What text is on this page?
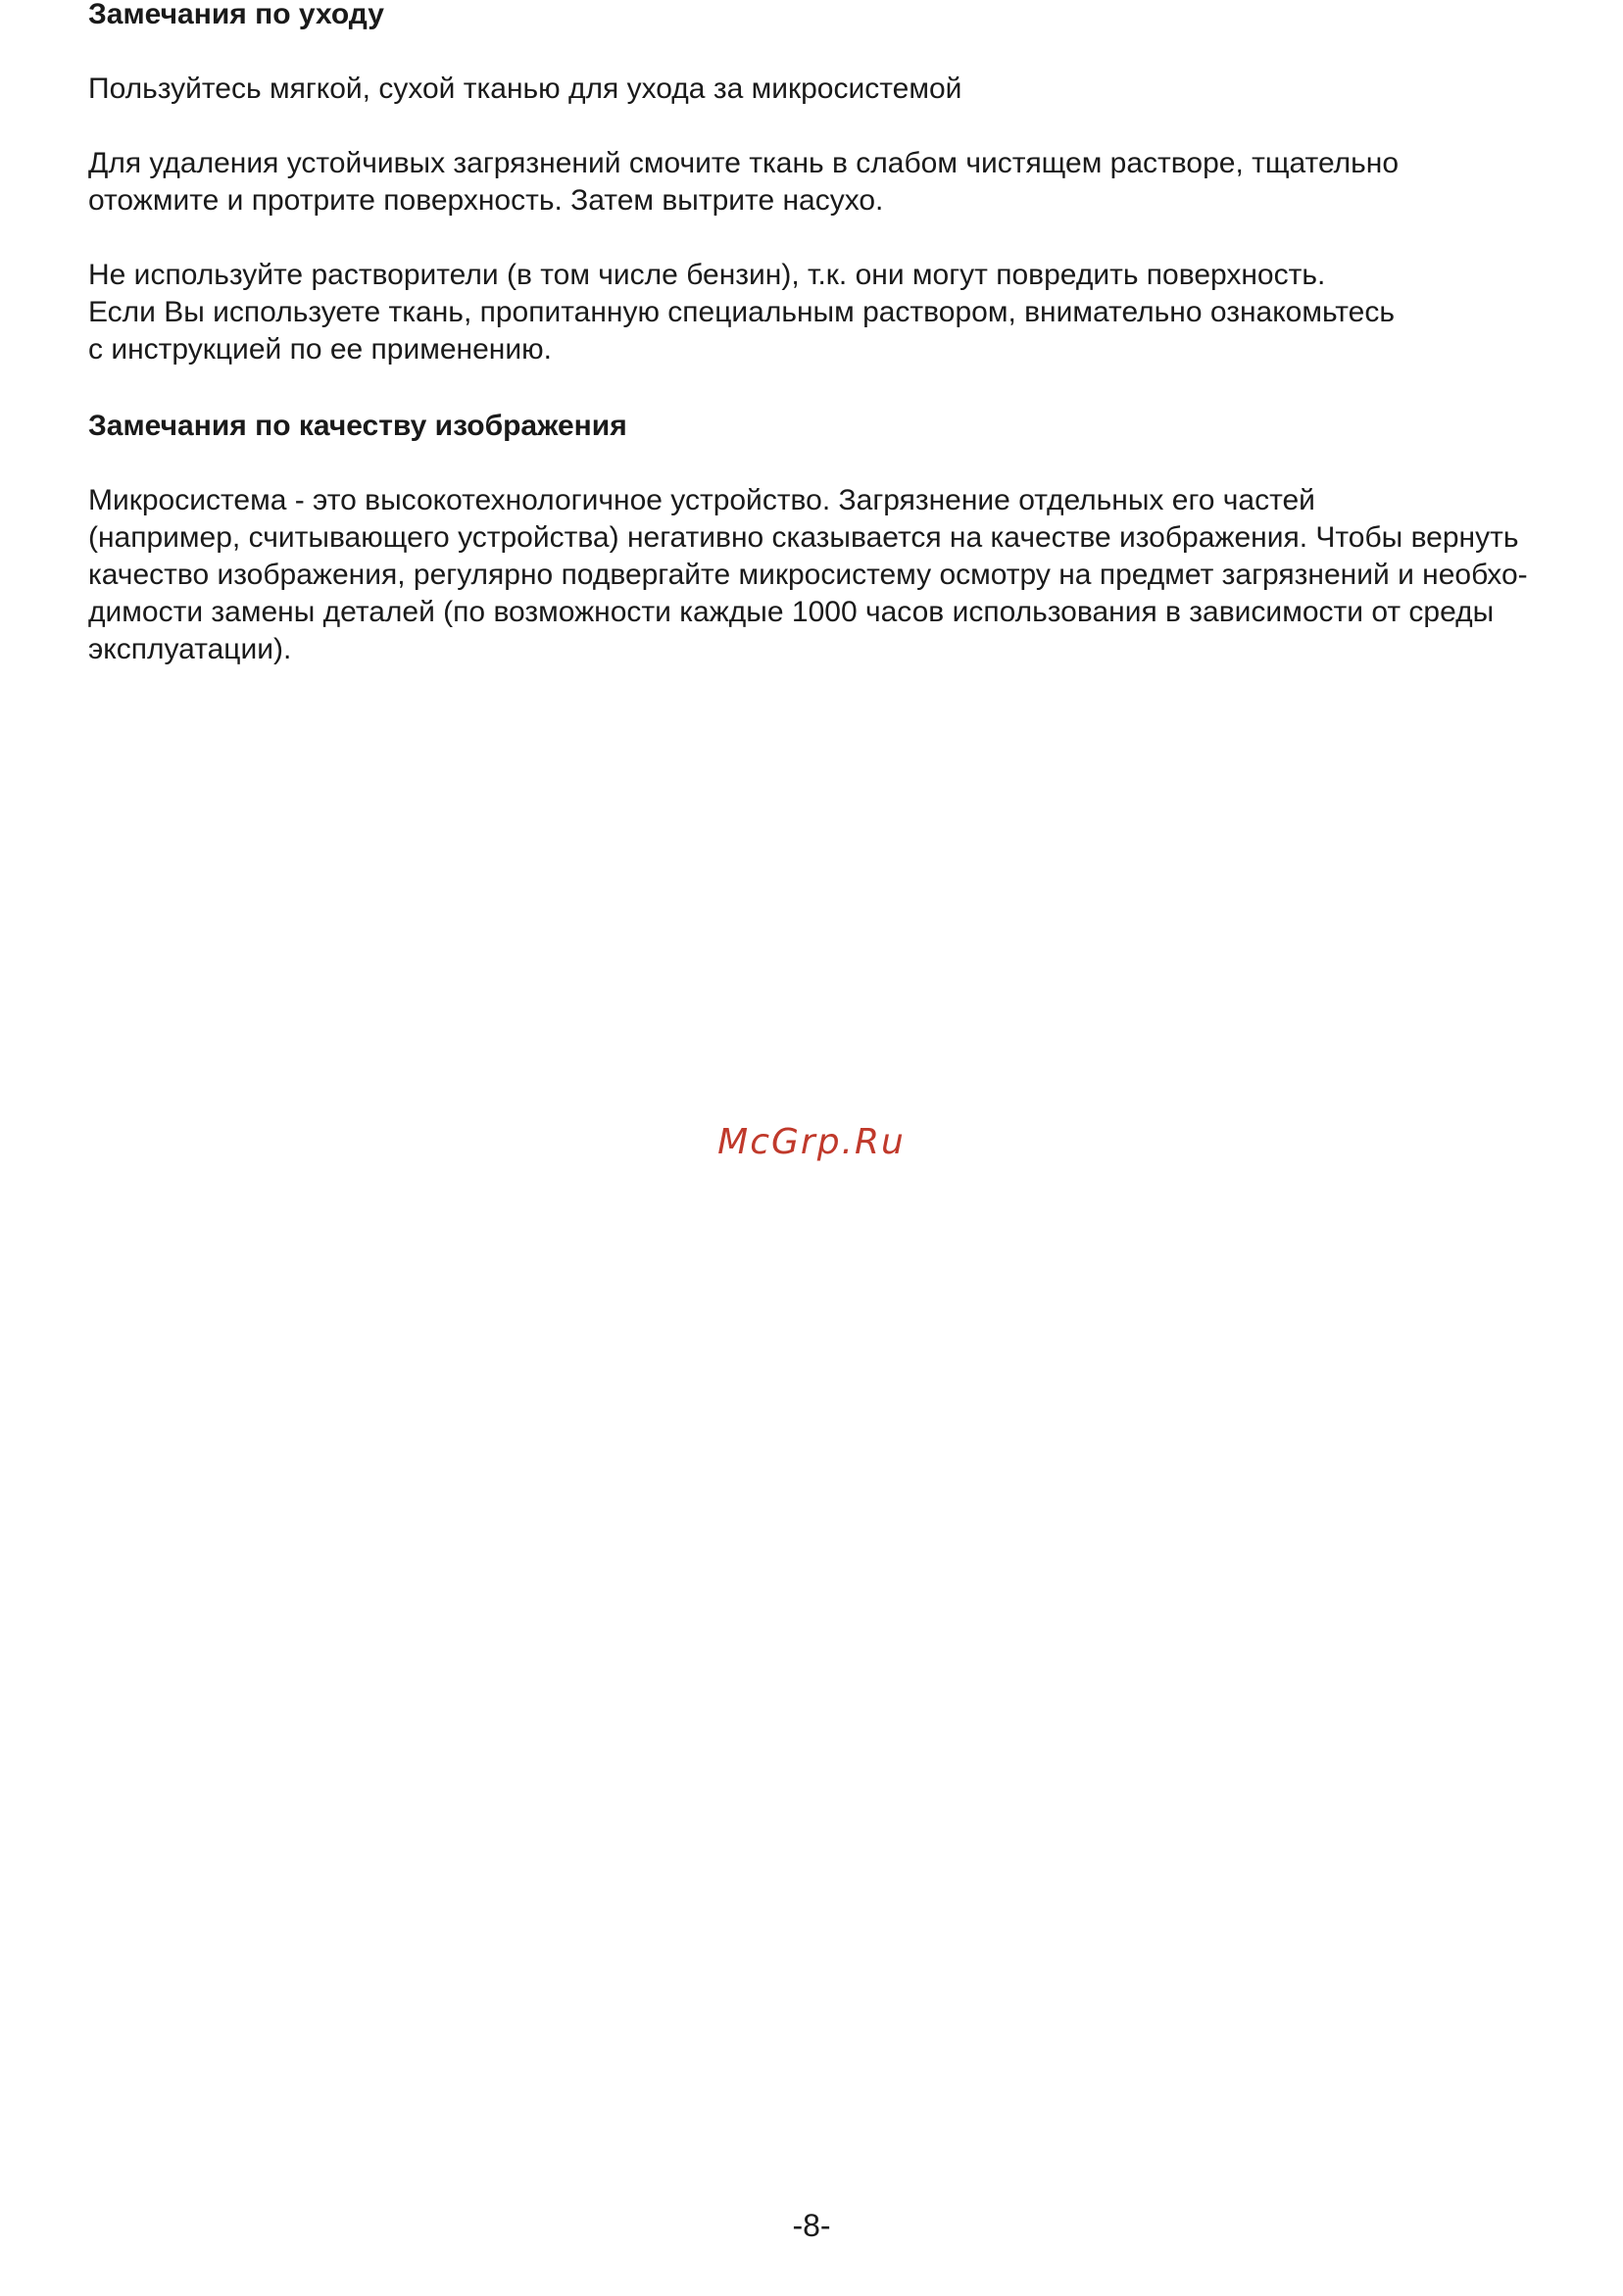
Замечания по уходу

Пользуйтесь мягкой, сухой тканью для ухода за микросистемой

Для удаления устойчивых загрязнений смочите ткань в слабом чистящем растворе, тщательно
отожмите и протрите поверхность. Затем вытрите насухо.

Не используйте растворители (в том числе бензин), т.к. они могут повредить поверхность.
Если Вы используете ткань, пропитанную специальным раствором, внимательно ознакомьтесь
с инструкцией по ее применению.

Замечания по качеству изображения

Микросистема - это высокотехнологичное устройство. Загрязнение отдельных его частей
(например, считывающего устройства) негативно сказывается на качестве изображения. Чтобы вернуть
качество изображения, регулярно подвергайте микросистему осмотру на предмет загрязнений и необхо-
димости замены деталей (по возможности каждые 1000 часов использования в зависимости от среды
эксплуатации).

McGrp.Ru
-8-
